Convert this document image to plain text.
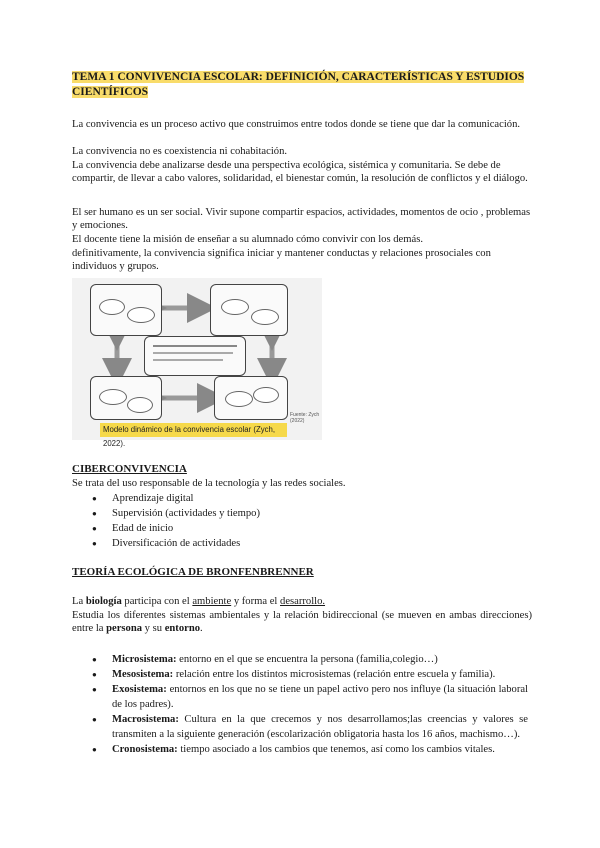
TEMA 1 CONVIVENCIA ESCOLAR: DEFINICIÓN, CARACTERÍSTICAS Y ESTUDIOS CIENTÍFICOS

La convivencia es un proceso activo que construimos entre todos donde se tiene que dar la comunicación.

La convivencia no es coexistencia ni cohabitación.

La convivencia debe analizarse desde una perspectiva ecológica, sistémica y comunitaria. Se debe de compartir, de llevar a cabo valores, solidaridad, el bienestar común, la resolución de conflictos y el diálogo.

El ser humano es un ser social. Vivir supone compartir espacios, actividades, momentos de ocio , problemas y emociones.

El docente tiene la misión de enseñar a su alumnado cómo convivir con los demás.

definitivamente, la convivencia significa iniciar y mantener conductas y relaciones prosociales con individuos y grupos.

Fuente: Zych (2022)
Modelo dinámico de la convivencia escolar (Zych, 2022).
CIBERCONVIVENCIA

Se trata del uso responsable de la tecnología y las redes sociales.

● Aprendizaje digital
● Supervisión (actividades y tiempo)
● Edad de inicio
● Diversificación de actividades
TEORÍA ECOLÓGICA DE BRONFENBRENNER

La biología participa con el ambiente y forma el desarrollo.

Estudia los diferentes sistemas ambientales y la relación bidireccional (se mueven en ambas direcciones) entre la persona y su entorno.

● Microsistema: entorno en el que se encuentra la persona (familia,colegio…)
● Mesosistema: relación entre los distintos microsistemas (relación entre escuela y familia).
● Exosistema: entornos en los que no se tiene un papel activo pero nos influye (la situación laboral de los padres).
● Macrosistema: Cultura en la que crecemos y nos desarrollamos;las creencias y valores se transmiten a la siguiente generación (escolarización obligatoria hasta los 16 años, machismo…).
● Cronosistema: tiempo asociado a los cambios que tenemos, así como los cambios vitales.
